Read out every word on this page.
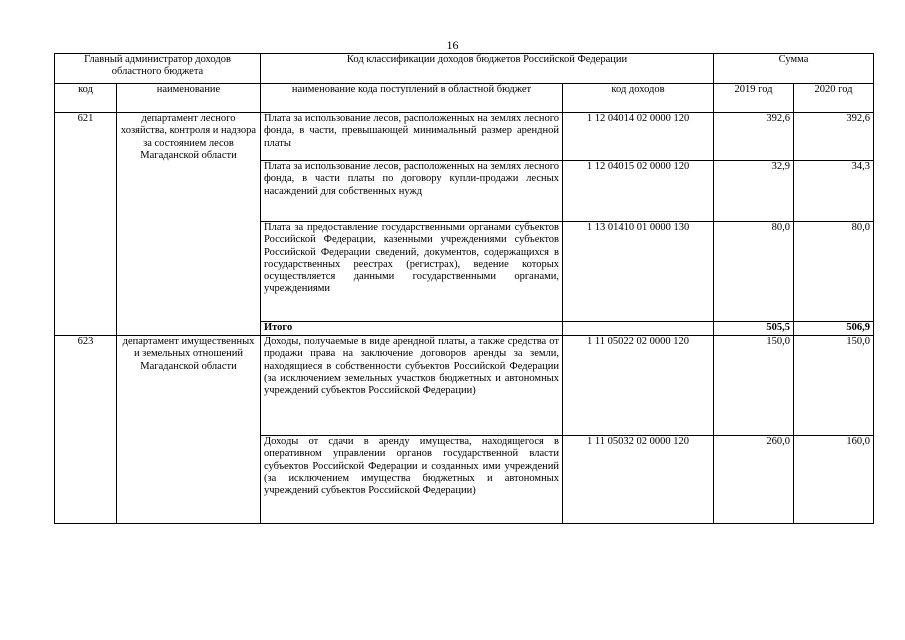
16
Главный администратор доходов областного бюджета		Код классификации доходов бюджетов Российской Федерации		Сумма	
код	наименование	наименование кода поступлений в областной бюджет	код доходов	2019 год	2020 год
621	департамент лесного хозяйства, контроля и надзора за состоянием лесов Магаданской области	Плата за использование лесов, расположенных на землях лесного фонда, в части, превышающей минимальный размер арендной платы	1 12 04014 02 0000 120	392,6	392,6

		Плата за использование лесов, расположенных на землях лесного фонда, в части платы по договору купли-продажи лесных насаждений для собственных нужд	1 12 04015 02 0000 120	32,9	34,3

		Плата за предоставление государственными органами субъектов Российской Федерации, казенными учреждениями субъектов Российской Федерации сведений, документов, содержащихся в государственных реестрах (регистрах), ведение которых осуществляется данными государственными органами, учреждениями	1 13 01410 01 0000 130	80,0	80,0
		Итого		505,5	506,9
623	департамент имущественных и земельных отношений Магаданской области	Доходы, получаемые в виде арендной платы, а также средства от продажи права на заключение договоров аренды за земли, находящиеся в собственности субъектов Российской Федерации (за исключением земельных участков бюджетных и автономных учреждений субъектов Российской Федерации)	1 11 05022 02 0000 120	150,0	150,0

		Доходы от сдачи в аренду имущества, находящегося в оперативном управлении органов государственной власти субъектов Российской Федерации и созданных ими учреждений (за исключением имущества бюджетных и автономных учреждений субъектов Российской Федерации)	1 11 05032 02 0000 120	260,0	160,0
